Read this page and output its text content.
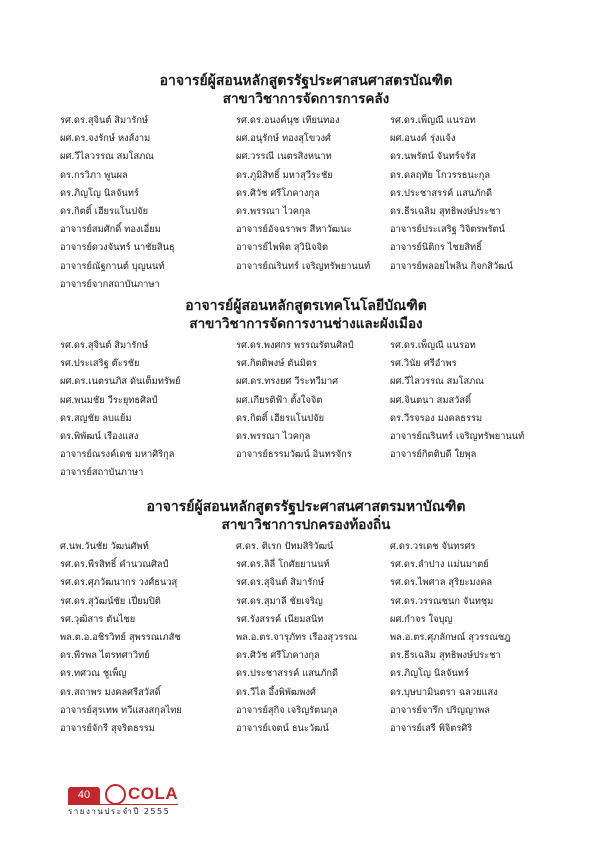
อาจารย์ผู้สอนหลักสูตรรัฐประศาสนศาสตรบัณฑิต
สาขาวิชาการจัดการการคลัง
รศ.ดร.สุจินต์ สิมารักษ์	รศ.ดร.อนงค์นุช เทียนทอง	รศ.ดร.เพ็ญณี แนรอท
ผศ.ดร.จงรักษ์ หงส์งาม	ผศ.อนุรักษ์ ทองสุโขวงศ์	ผศ.อนงค์ รุ่งแจ้ง
ผศ.วีไลวรรณ สมโสภณ	ผศ.วรรณี เนตรสิงหนาท	ดร.นพรัตน์ จันทร์จรัส
ดร.กรวิภา พูนผล	ดร.ภูมิสิทธิ์ มหาสุวีระชัย	ดร.ดลฤทัย โกวรรธนะกุล
ดร.ภิญโญ นิลจันทร์	ดร.ศิวัช ศรีโภคางกุล	ดร.ประชาสรรค์ แสนภักดี
ดร.กิตติ์ เฮียรแโนปจัย	ดร.พรรณา ไวคกุล	ดร.ธีรเฉลิม สุทธิพงษ์ประชา
อาจารย์สมศักดิ์ ทองเอี่ยม	อาจารย์อัจฉราพร สีหาวัฒนะ	อาจารย์ประเสริฐ วิจิตรพรัตน์
อาจารย์ดวงจันทร์ นาชัยสินธุ	อาจารย์ไพพิต สุวินิจจิต	อาจารย์นิติกร ไชยสิทธิ์
อาจารย์ณัฐกานต์ บุญนนท์	อาจารย์ณรินทร์ เจริญทรัพยานนท์	อาจารย์พลอยไพลิน กิจกสิวัฒน์
อาจารย์จากสถาบันภาษา
อาจารย์ผู้สอนหลักสูตรเทคโนโลยีบัณฑิต
สาขาวิชาการจัดการงานช่างและผังเมือง
รศ.ดร.สุจินต์ สิมารักษ์	รศ.ดร.พงศกร พรรณรัตนศิลป์	รศ.ดร.เพ็ญณี แนรอท
รศ.ประเสริฐ ต๊ะรชัย	รศ.กิตติพงษ์ ตันมิตร	รศ.วินัย ศรีอำพร
ผศ.ดร.เนตรนภิส ดันเต็มทรัพย์	ผศ.ดร.ทรงยศ วีระทวีมาศ	ผศ.วีไลวรรณ สมโสภณ
ผศ.พนมชัย วีระยุทธศิลป์	ผศ.เกียรติฟ้า ตั้งใจจิต	ผศ.จินตนา สมสวัสดิ์
ดร.สญชัย ลบแย้ม	ดร.กิตติ์ เฮียรแโนปจัย	ดร.วีรจรอง มงคลธรรม
ดร.พิพัฒน์ เรืองแสง	ดร.พรรณา ไวคกุล	อาจารย์ณรินทร์ เจริญทรัพยานนท์
อาจารย์ณรงค์เดช มหาศิริกุล	อาจารย์ธรรมวัฒน์ อินทรจักร	อาจารย์กิตติบดี ใยพุล
อาจารย์สถาบันภาษา
อาจารย์ผู้สอนหลักสูตรรัฐประศาสนศาสตรมหาบัณฑิต
สาขาวิชาการปกครองท้องถิ่น
ศ.นพ.วันชัย วัฒนศัพท์	ศ.ดร. ติเรก ปัทมสิริวัฒน์	ศ.ดร.วรเดช จันทรศร
รศ.ดร.พีรสิทธิ์ คำนวณศิลป์	รศ.ดร.ลิลี่ โกศัยยานนท์	รศ.ดร.ลำปาง แม่นมาตย์
รศ.ดร.ศุภวัฒนากร วงศ์ธนวสุ	รศ.ดร.สุจินต์ สิมารักษ์	รศ.ดร.ไพศาล สุริยะมงคล
รศ.ดร.สุวัฒน์ชัย เปี่ยมปิติ	รศ.ดร.สุมาลี ชัยเจริญ	รศ.ดร.วรรณชนก จันทชุม
รศ.วุฒิสาร ตันไชย	รศ.รังสรรค์ เนียมสนิท	ผศ.กำจร ใจบุญ
พล.ต.อ.อชิรวิทย์ สุพรรณเภสัช	พล.อ.ตร.จารุภัทร เรืองสุวรรณ	พล.อ.ตร.ศุภลักษณ์ สุวรรณชฎ
ดร.พีรพล ไตรทศาวิทย์	ดร.ศิวัช ศรีโภคางกุล	ดร.ธีรเฉลิม สุทธิพงษ์ประชา
ดร.ทศวณ ชูเพ็ญ	ดร.ประชาสรรค์ แสนภักดี	ดร.ภิญโญ นิลจันทร์
ดร.สถาพร มงคลศรีสวัสดิ์	ดร.วีไล อึ้งพิพัฒพงศ์	ดร.บุษบามินตรา ฉลวยแสง
อาจารย์สุรเทพ ทวีแสงสกุลไทย	อาจารย์สุกิจ เจริญรัตนกุล	อาจารย์จารึก ปริญญาพล
อาจารย์จักรี สุจริตธรรม	อาจารย์เจตน์ ธนะวัฒน์	อาจารย์เสรี พิจิตรศิริ
40	COLA
รายงานประจำปี 2555
